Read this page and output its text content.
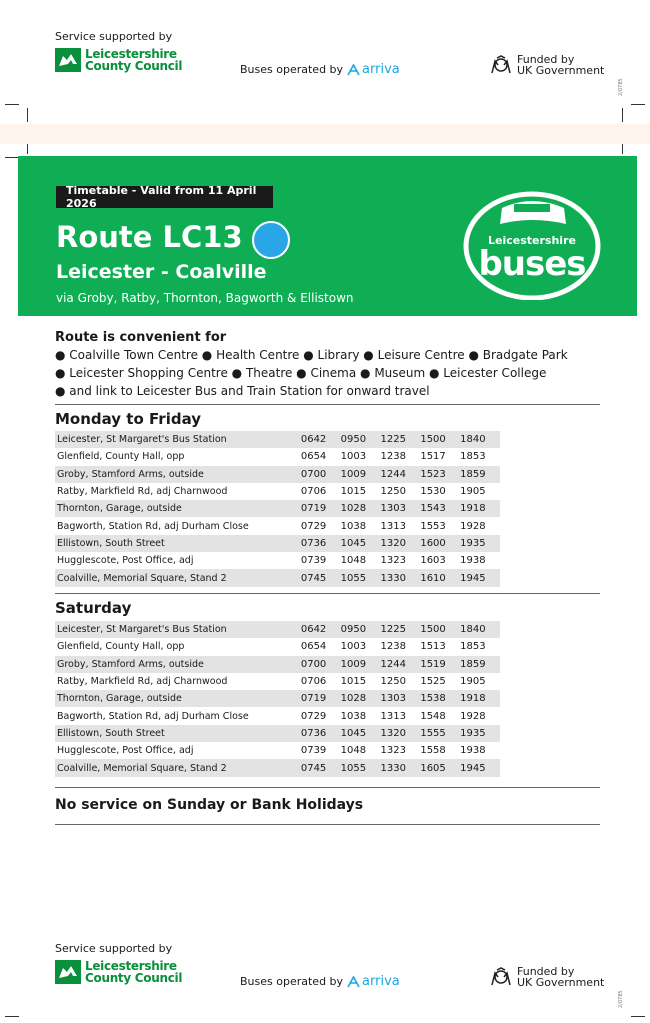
Service supported by
Leicestershire
County Council	Buses operated by arriva
Funded by
UK Government
2/0785
Timetable - Valid from 11 April 2026
Route LC13
Leicester - Coalville
via Groby, Ratby, Thornton, Bagworth & Ellistown
Leicestershire
buses
Route is convenient for
● Coalville Town Centre ● Health Centre ● Library ● Leisure Centre ● Bradgate Park
● Leicester Shopping Centre ● Theatre ● Cinema ● Museum ● Leicester College
● and link to Leicester Bus and Train Station for onward travel
Monday to Friday
Leicester, St Margaret's Bus Station	0642	0950	1225	1500	1840
Glenfield, County Hall, opp	0654	1003	1238	1517	1853
Groby, Stamford Arms, outside	0700	1009	1244	1523	1859
Ratby, Markfield Rd, adj Charnwood	0706	1015	1250	1530	1905
Thornton, Garage, outside	0719	1028	1303	1543	1918
Bagworth, Station Rd, adj Durham Close	0729	1038	1313	1553	1928
Ellistown, South Street	0736	1045	1320	1600	1935
Hugglescote, Post Office, adj	0739	1048	1323	1603	1938
Coalville, Memorial Square, Stand 2	0745	1055	1330	1610	1945
Saturday
Leicester, St Margaret's Bus Station	0642	0950	1225	1500	1840
Glenfield, County Hall, opp	0654	1003	1238	1513	1853
Groby, Stamford Arms, outside	0700	1009	1244	1519	1859
Ratby, Markfield Rd, adj Charnwood	0706	1015	1250	1525	1905
Thornton, Garage, outside	0719	1028	1303	1538	1918
Bagworth, Station Rd, adj Durham Close	0729	1038	1313	1548	1928
Ellistown, South Street	0736	1045	1320	1555	1935
Hugglescote, Post Office, adj	0739	1048	1323	1558	1938
Coalville, Memorial Square, Stand 2	0745	1055	1330	1605	1945
No service on Sunday or Bank Holidays
Service supported by
Leicestershire
County Council	Buses operated by arriva
Funded by
UK Government
2/0785
